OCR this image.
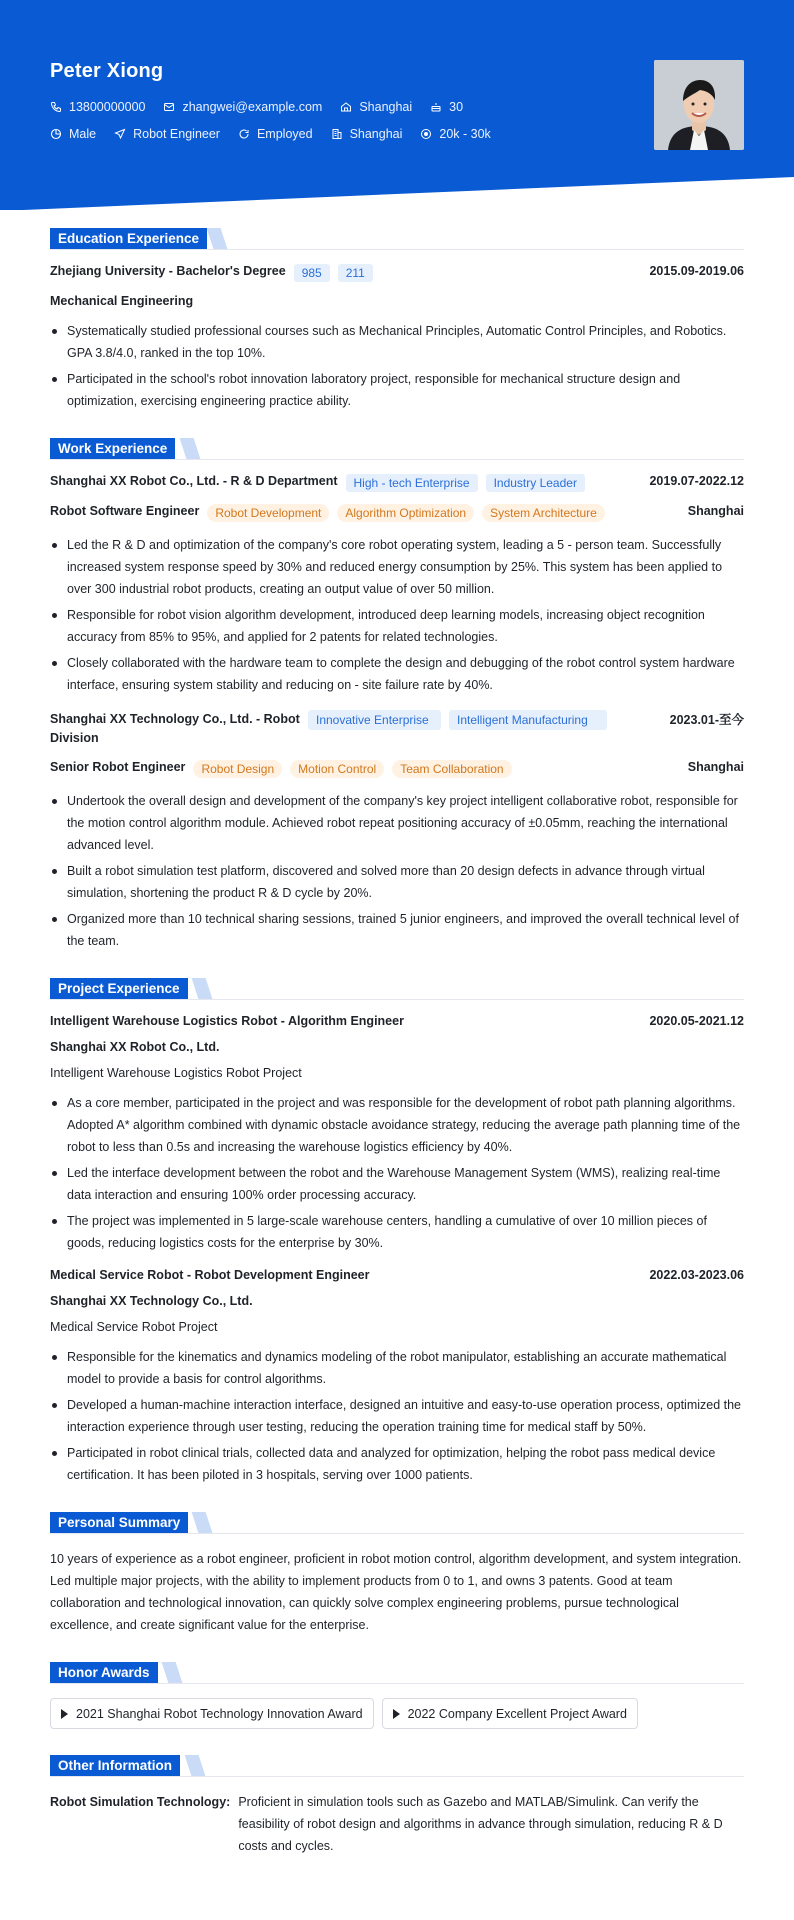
Peter Xiong
13800000000	zhangwei@example.com	Shanghai	30
Male	Robot Engineer	Employed	Shanghai	20k - 30k
Education Experience
Zhejiang University - Bachelor's Degree	985	211	2015.09-2019.06
Mechanical Engineering
Systematically studied professional courses such as Mechanical Principles, Automatic Control Principles, and Robotics. GPA 3.8/4.0, ranked in the top 10%.
Participated in the school's robot innovation laboratory project, responsible for mechanical structure design and optimization, exercising engineering practice ability.
Work Experience
Shanghai XX Robot Co., Ltd. - R & D Department	High - tech Enterprise	Industry Leader	2019.07-2022.12
Robot Software Engineer	Robot Development	Algorithm Optimization	System Architecture	Shanghai
Led the R & D and optimization of the company's core robot operating system, leading a 5 - person team. Successfully increased system response speed by 30% and reduced energy consumption by 25%. This system has been applied to over 300 industrial robot products, creating an output value of over 50 million.
Responsible for robot vision algorithm development, introduced deep learning models, increasing object recognition accuracy from 85% to 95%, and applied for 2 patents for related technologies.
Closely collaborated with the hardware team to complete the design and debugging of the robot control system hardware interface, ensuring system stability and reducing on - site failure rate by 40%.
Shanghai XX Technology Co., Ltd. - Robot Division
Innovative Enterprise	Intelligent Manufacturing	2023.01-至今
Senior Robot Engineer	Robot Design	Motion Control	Team Collaboration	Shanghai
Undertook the overall design and development of the company's key project intelligent collaborative robot, responsible for the motion control algorithm module. Achieved robot repeat positioning accuracy of ±0.05mm, reaching the international advanced level.
Built a robot simulation test platform, discovered and solved more than 20 design defects in advance through virtual simulation, shortening the product R & D cycle by 20%.
Organized more than 10 technical sharing sessions, trained 5 junior engineers, and improved the overall technical level of the team.
Project Experience
Intelligent Warehouse Logistics Robot - Algorithm Engineer	2020.05-2021.12
Shanghai XX Robot Co., Ltd.
Intelligent Warehouse Logistics Robot Project
As a core member, participated in the project and was responsible for the development of robot path planning algorithms. Adopted A* algorithm combined with dynamic obstacle avoidance strategy, reducing the average path planning time of the robot to less than 0.5s and increasing the warehouse logistics efficiency by 40%.
Led the interface development between the robot and the Warehouse Management System (WMS), realizing real-time data interaction and ensuring 100% order processing accuracy.
The project was implemented in 5 large-scale warehouse centers, handling a cumulative of over 10 million pieces of goods, reducing logistics costs for the enterprise by 30%.
Medical Service Robot - Robot Development Engineer	2022.03-2023.06
Shanghai XX Technology Co., Ltd.
Medical Service Robot Project
Responsible for the kinematics and dynamics modeling of the robot manipulator, establishing an accurate mathematical model to provide a basis for control algorithms.
Developed a human-machine interaction interface, designed an intuitive and easy-to-use operation process, optimized the interaction experience through user testing, reducing the operation training time for medical staff by 50%.
Participated in robot clinical trials, collected data and analyzed for optimization, helping the robot pass medical device certification. It has been piloted in 3 hospitals, serving over 1000 patients.
Personal Summary

10 years of experience as a robot engineer, proficient in robot motion control, algorithm development, and system integration. Led multiple major projects, with the ability to implement products from 0 to 1, and owns 3 patents. Good at team collaboration and technological innovation, can quickly solve complex engineering problems, pursue technological excellence, and create significant value for the enterprise.

Honor Awards
2021 Shanghai Robot Technology Innovation Award	2022 Company Excellent Project Award
Other Information
Robot Simulation Technology: Proficient in simulation tools such as Gazebo and MATLAB/Simulink. Can verify the feasibility of robot design and algorithms in advance through simulation, reducing R & D costs and cycles.
